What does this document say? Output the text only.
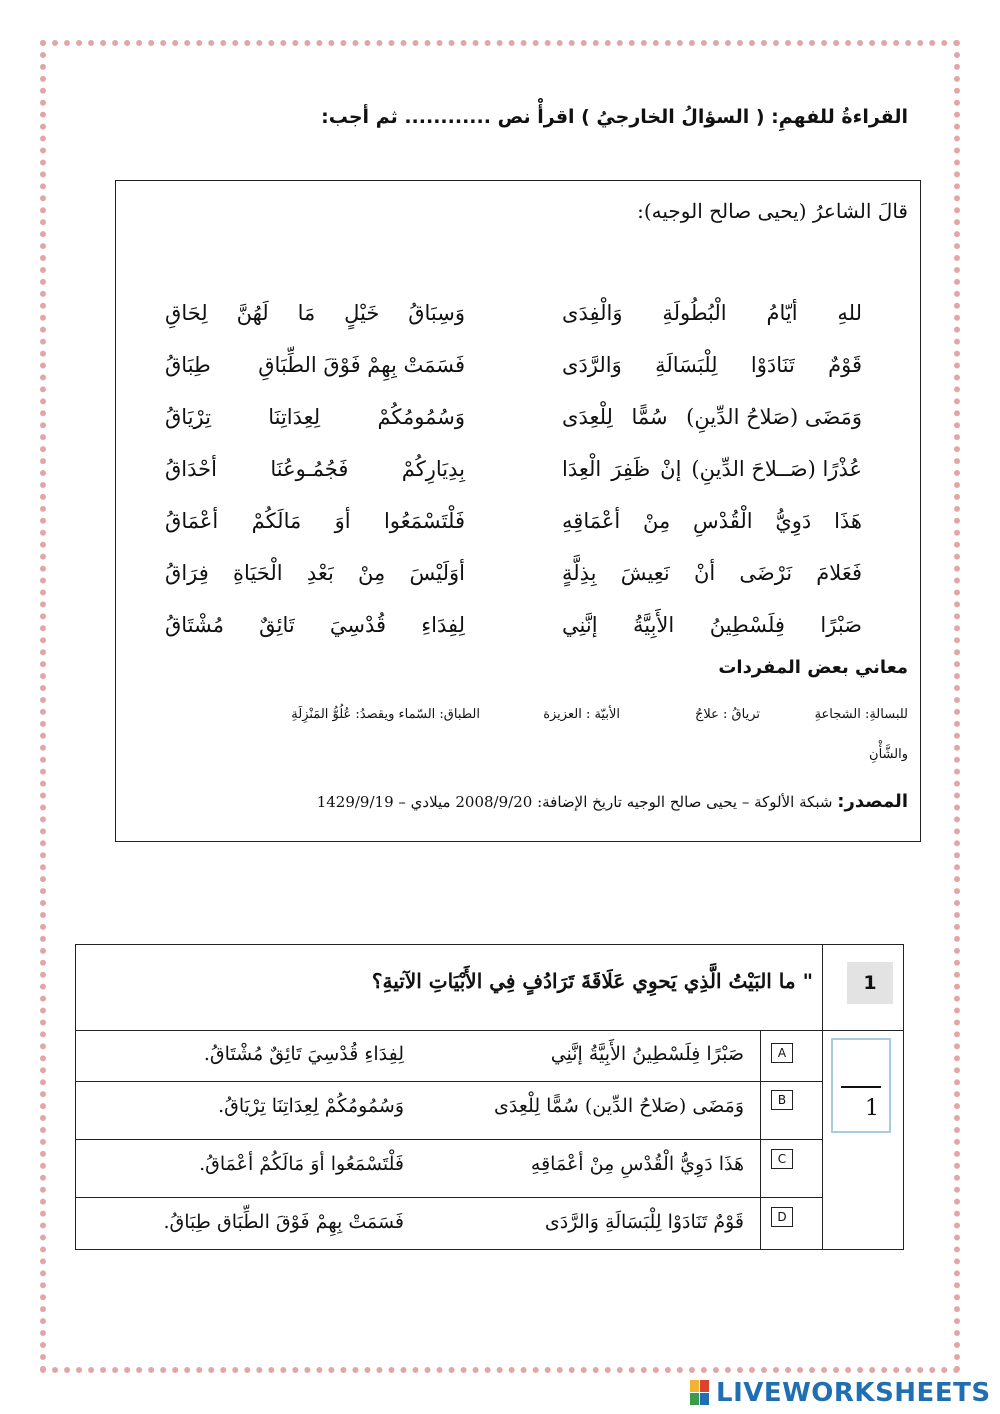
القراءةُ للفهمِ: ( السؤالُ الخارجيُ ) اقرأْ نص ............ ثم أجب:
قالَ الشاعرُ (يحيى صالح الوجيه):
للهِ
أيّامُ
الْبُطُولَةِ
وَالْفِدَى
وَسِبَاقُ
خَيْلٍ
مَا
لَهُنَّ
لِحَاقِ
قَوْمٌ
تَنَادَوْا
لِلْبَسَالَةِ
وَالرَّدَى
فَسَمَتْ بِهِمْ فَوْقَ الطِّبَاقِ
طِبَاقُ
وَمَضَى (صَلاحُ الدِّينِ)
سُمًّا
لِلْعِدَى
وَسُمُومُكُمْ
لِعِدَاتِنَا
تِرْيَاقُ
عُذْرًا (صَــلاحَ الدِّينِ)
إنْ
ظَفِرَ
الْعِدَا
بِدِيَارِكُمْ
فَجُمُـوعُنَا
أحْدَاقُ
هَذَا
دَوِيُّ
الْقُدْسِ
مِنْ
أعْمَاقِهِ
فَلْتَسْمَعُوا
أوَ
مَالَكُمْ
أعْمَاقُ
فَعَلامَ
نَرْضَى
أنْ
نَعِيشَ
بِذِلَّةٍ
أوَلَيْسَ
مِنْ
بَعْدِ
الْحَيَاةِ
فِرَاقُ
صَبْرًا
فِلَسْطِينُ
الأَبِيَّةُ
إنَّنِي
لِفِدَاءِ
قُدْسِيَ
تَائِقٌ
مُشْتَاقُ
معاني بعض المفردات
للبسالةِ: الشجاعةِ
ترياقُ : علاجُ
الأبيّة : العزيزة
الطباق: السّماء ويقصدُ: عُلُوُّ المَنْزِلَةِ
والشَّأْنِ
المصدر: شبكة الألوكة – يحيى صالح الوجيه تاريخ الإضافة: 2008/9/20 ميلادي – 1429/9/19
1
" ما البَيْتُ الَّذِي يَحوِي عَلَاقَةَ تَرَادُفٍ فِي الأَبْيَاتِ الآتيةِ؟
1
A
صَبْرًا فِلَسْطِينُ الأَبِيَّةُ إنَّنِي
لِفِدَاءِ قُدْسِيَ تَائِقٌ مُشْتَاقُ.
B
وَمَضَى (صَلاحُ الدِّين) سُمًّا لِلْعِدَى
وَسُمُومُكُمْ لِعِدَاتِنَا تِرْيَاقُ.
C
هَذَا دَوِيُّ الْقُدْسِ مِنْ أعْمَاقِهِ
فَلْتَسْمَعُوا أوَ مَالَكُمْ أعْمَاقُ.
D
قَوْمٌ تَنَادَوْا لِلْبَسَالَةِ وَالرَّدَى
فَسَمَتْ بِهِمْ فَوْقَ الطِّبَاق طِبَاقُ.
LIVEWORKSHEETS
